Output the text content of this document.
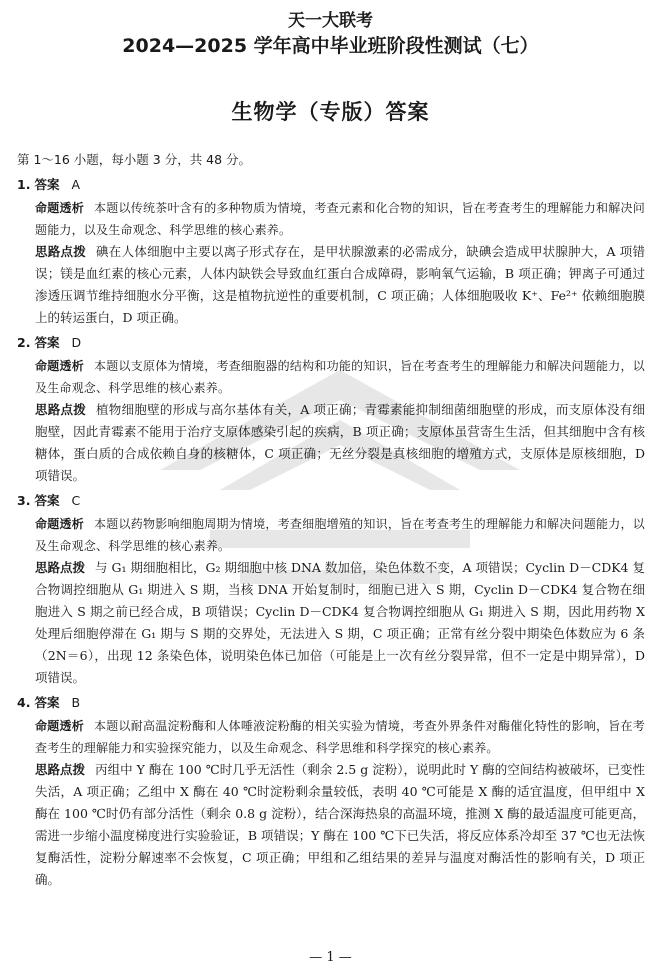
天一大联考
2024—2025 学年高中毕业班阶段性测试（七）
生物学（专版）答案

第 1～16 小题，每小题 3 分，共 48 分。

1. 答案 A

命题透析 本题以传统茶叶含有的多种物质为情境，考查元素和化合物的知识，旨在考查考生的理解能力和解决问题能力，以及生命观念、科学思维的核心素养。

思路点拨 碘在人体细胞中主要以离子形式存在，是甲状腺激素的必需成分，缺碘会造成甲状腺肿大，A 项错误；镁是血红素的核心元素，人体内缺铁会导致血红蛋白合成障碍，影响氧气运输，B 项正确；钾离子可通过渗透压调节维持细胞水分平衡，这是植物抗逆性的重要机制，C 项正确；人体细胞吸收 K⁺、Fe²⁺ 依赖细胞膜上的转运蛋白，D 项正确。

2. 答案 D

命题透析 本题以支原体为情境，考查细胞器的结构和功能的知识，旨在考查考生的理解能力和解决问题能力，以及生命观念、科学思维的核心素养。

思路点拨 植物细胞壁的形成与高尔基体有关，A 项正确；青霉素能抑制细菌细胞壁的形成，而支原体没有细胞壁，因此青霉素不能用于治疗支原体感染引起的疾病，B 项正确；支原体虽营寄生生活，但其细胞中含有核糖体，蛋白质的合成依赖自身的核糖体，C 项正确；无丝分裂是真核细胞的增殖方式，支原体是原核细胞，D 项错误。

3. 答案 C

命题透析 本题以药物影响细胞周期为情境，考查细胞增殖的知识，旨在考查考生的理解能力和解决问题能力，以及生命观念、科学思维的核心素养。

思路点拨 与 G₁ 期细胞相比，G₂ 期细胞中核 DNA 数加倍，染色体数不变，A 项错误；Cyclin D－CDK4 复合物调控细胞从 G₁ 期进入 S 期，当核 DNA 开始复制时，细胞已进入 S 期，Cyclin D－CDK4 复合物在细胞进入 S 期之前已经合成，B 项错误；Cyclin D－CDK4 复合物调控细胞从 G₁ 期进入 S 期，因此用药物 X 处理后细胞停滞在 G₁ 期与 S 期的交界处，无法进入 S 期，C 项正确；正常有丝分裂中期染色体数应为 6 条（2N＝6），出现 12 条染色体，说明染色体已加倍（可能是上一次有丝分裂异常，但不一定是中期异常），D 项错误。

4. 答案 B

命题透析 本题以耐高温淀粉酶和人体唾液淀粉酶的相关实验为情境，考查外界条件对酶催化特性的影响，旨在考查考生的理解能力和实验探究能力，以及生命观念、科学思维和科学探究的核心素养。

思路点拨 丙组中 Y 酶在 100 ℃时几乎无活性（剩余 2.5 g 淀粉），说明此时 Y 酶的空间结构被破坏，已变性失活，A 项正确；乙组中 X 酶在 40 ℃时淀粉剩余量较低，表明 40 ℃可能是 X 酶的适宜温度，但甲组中 X 酶在 100 ℃时仍有部分活性（剩余 0.8 g 淀粉），结合深海热泉的高温环境，推测 X 酶的最适温度可能更高，需进一步缩小温度梯度进行实验验证，B 项错误；Y 酶在 100 ℃下已失活，将反应体系冷却至 37 ℃也无法恢复酶活性，淀粉分解速率不会恢复，C 项正确；甲组和乙组结果的差异与温度对酶活性的影响有关，D 项正确。

— 1 —
